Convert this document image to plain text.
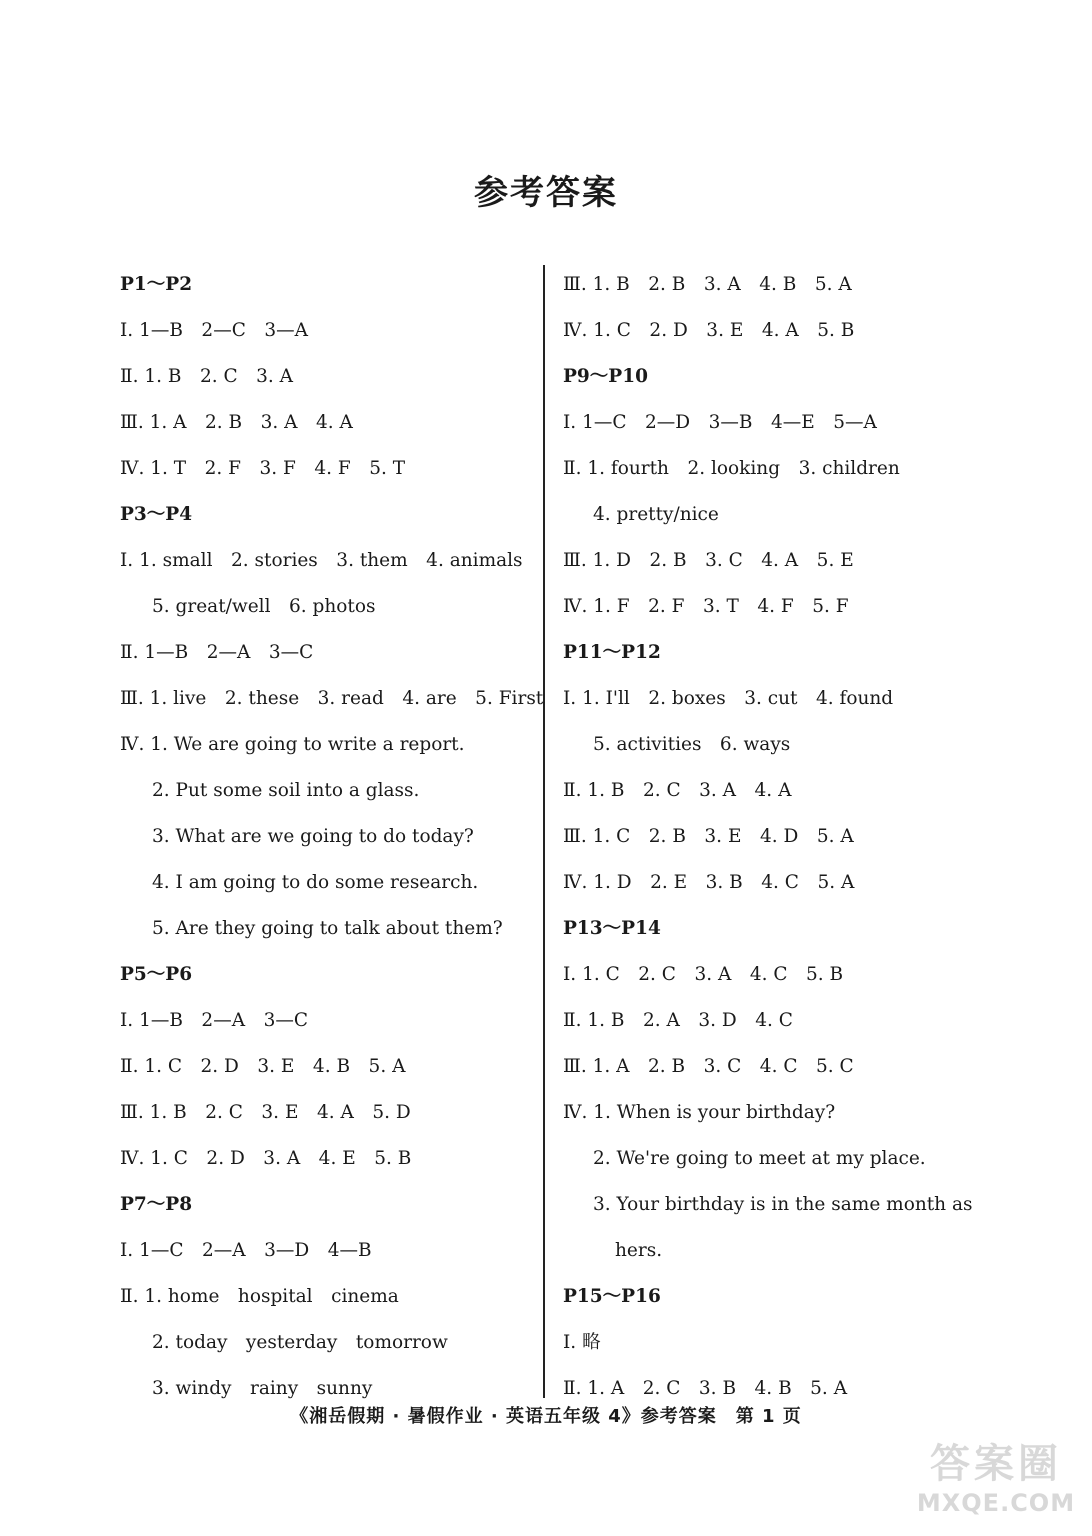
参考答案
P1～P2
Ⅰ. 1—B　2—C　3—A
Ⅱ. 1. B　2. C　3. A
Ⅲ. 1. A　2. B　3. A　4. A
Ⅳ. 1. T　2. F　3. F　4. F　5. T
P3～P4
Ⅰ. 1. small　2. stories　3. them　4. animals
5. great/well　6. photos
Ⅱ. 1—B　2—A　3—C
Ⅲ. 1. live　2. these　3. read　4. are　5. First
Ⅳ. 1. We are going to write a report.
2. Put some soil into a glass.
3. What are we going to do today?
4. I am going to do some research.
5. Are they going to talk about them?
P5～P6
Ⅰ. 1—B　2—A　3—C
Ⅱ. 1. C　2. D　3. E　4. B　5. A
Ⅲ. 1. B　2. C　3. E　4. A　5. D
Ⅳ. 1. C　2. D　3. A　4. E　5. B
P7～P8
Ⅰ. 1—C　2—A　3—D　4—B
Ⅱ. 1. home　hospital　cinema
2. today　yesterday　tomorrow
3. windy　rainy　sunny
Ⅲ. 1. B　2. B　3. A　4. B　5. A
Ⅳ. 1. C　2. D　3. E　4. A　5. B
P9～P10
Ⅰ. 1—C　2—D　3—B　4—E　5—A
Ⅱ. 1. fourth　2. looking　3. children
4. pretty/nice
Ⅲ. 1. D　2. B　3. C　4. A　5. E
Ⅳ. 1. F　2. F　3. T　4. F　5. F
P11～P12
Ⅰ. 1. I'll　2. boxes　3. cut　4. found
5. activities　6. ways
Ⅱ. 1. B　2. C　3. A　4. A
Ⅲ. 1. C　2. B　3. E　4. D　5. A
Ⅳ. 1. D　2. E　3. B　4. C　5. A
P13～P14
Ⅰ. 1. C　2. C　3. A　4. C　5. B
Ⅱ. 1. B　2. A　3. D　4. C
Ⅲ. 1. A　2. B　3. C　4. C　5. C
Ⅳ. 1. When is your birthday?
2. We're going to meet at my place.
3. Your birthday is in the same month as
hers.
P15～P16
Ⅰ. 略
Ⅱ. 1. A　2. C　3. B　4. B　5. A
《湘岳假期 · 暑假作业 · 英语五年级 4》参考答案　第 1 页
答案圈
MXQE.COM
